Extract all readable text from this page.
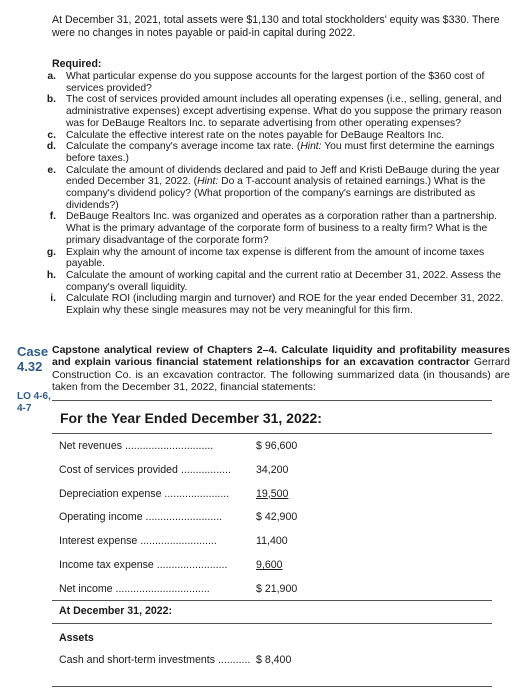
At December 31, 2021, total assets were $1,130 and total stockholders' equity was $330. There were no changes in notes payable or paid-in capital during 2022.

Required:
a. What particular expense do you suppose accounts for the largest portion of the $360 cost of services provided?
b. The cost of services provided amount includes all operating expenses (i.e., selling, general, and administrative expenses) except advertising expense. What do you suppose the primary reason was for DeBauge Realtors Inc. to separate advertising from other operating expenses?
c. Calculate the effective interest rate on the notes payable for DeBauge Realtors Inc.
d. Calculate the company's average income tax rate. (Hint: You must first determine the earnings before taxes.)
e. Calculate the amount of dividends declared and paid to Jeff and Kristi DeBauge during the year ended December 31, 2022. (Hint: Do a T-account analysis of retained earnings.) What is the company's dividend policy? (What proportion of the company's earnings are distributed as dividends?)
f. DeBauge Realtors Inc. was organized and operates as a corporation rather than a partnership. What is the primary advantage of the corporate form of business to a realty firm? What is the primary disadvantage of the corporate form?
g. Explain why the amount of income tax expense is different from the amount of income taxes payable.
h. Calculate the amount of working capital and the current ratio at December 31, 2022. Assess the company's overall liquidity.
i. Calculate ROI (including margin and turnover) and ROE for the year ended December 31, 2022. Explain why these single measures may not be very meaningful for this firm.
Case 4.32
LO 4-6, 4-7
Capstone analytical review of Chapters 2–4. Calculate liquidity and profitability measures and explain various financial statement relationships for an excavation contractor Gerrard Construction Co. is an excavation contractor. The following summarized data (in thousands) are taken from the December 31, 2022, financial statements:
For the Year Ended December 31, 2022:
Net revenues ..............................	$ 96,600
Cost of services provided ................. 34,200
Depreciation expense ......................	19,500
Operating income ..........................	$ 42,900
Interest expense ..........................	11,400
Income tax expense ........................	9,600
Net income ................................	$ 21,900
At December 31, 2022:
Assets
Cash and short-term investments ........... $ 8,400
